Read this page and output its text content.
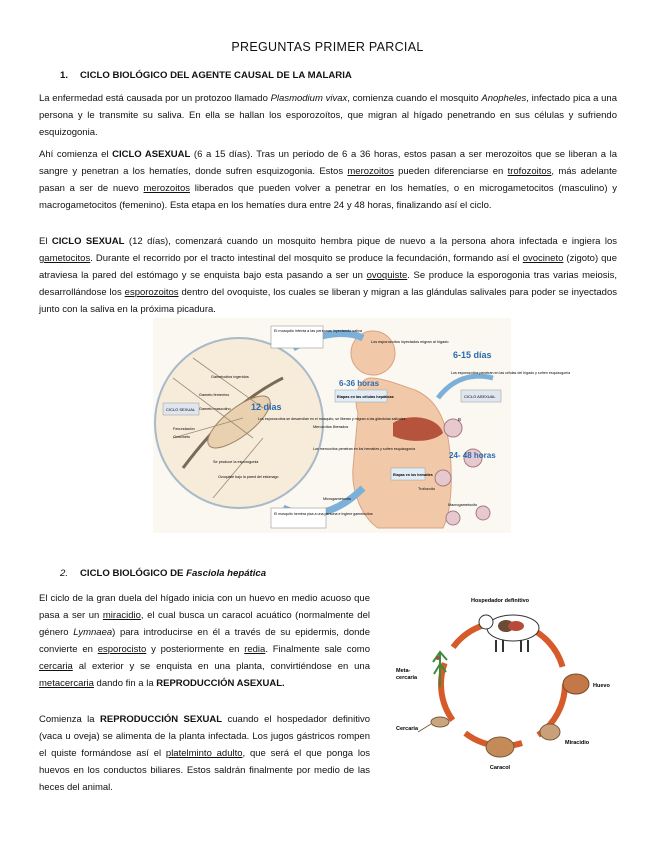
PREGUNTAS PRIMER PARCIAL
1. CICLO BIOLÓGICO DEL AGENTE CAUSAL DE LA MALARIA
La enfermedad está causada por un protozoo llamado Plasmodium vivax, comienza cuando el mosquito Anopheles, infectado pica a una persona y le transmite su saliva. En ella se hallan los esporozoítos, que migran al hígado penetrando en sus células y sufriendo esquizogonia.
Ahí comienza el CICLO ASEXUAL (6 a 15 días). Tras un periodo de 6 a 36 horas, estos pasan a ser merozoitos que se liberan a la sangre y penetran a los hematíes, donde sufren esquizogonia. Estos merozoitos pueden diferenciarse en trofozoitos, más adelante pasan a ser de nuevo merozoitos liberados que pueden volver a penetrar en los hematíes, o en microgametocitos (masculino) y macrogametocitos (femenino). Esta etapa en los hematíes dura entre 24 y 48 horas, finalizando así el ciclo.
El CICLO SEXUAL (12 días), comenzará cuando un mosquito hembra pique de nuevo a la persona ahora infectada e ingiera los gametocitos. Durante el recorrido por el tracto intestinal del mosquito se produce la fecundación, formando así el ovocineto (zigoto) que atraviesa la pared del estómago y se enquista bajo esta pasando a ser un ovoquiste. Se produce la esporogonia tras varias meiosis, desarrollándose los esporozoitos dentro del ovoquiste, los cuales se liberan y migran a las glándulas salivales para poder se inyectados junto con la saliva en la próxima picadura.
El mosquito infecta a las personas inyectando saliva
Los esporozoítos inyectados migran al hígado
6-15 días
6-36 horas
Etapas en las células hepáticas
Los esporozoítos penetran en las células del hígado y sufren esquizogonia
CICLO ASEXUAL
CICLO SEXUAL	12 días
Gametocitos ingeridos
Gameto femenino
Gameto masculino
Fecundación
Ovocineto
Los esporozoítos se desarrollan en el mosquito, se liberan y migran a las glándulas salivales
Se produce la esporogonia
Ovoquiste bajo la pared del estómago
Merozoítos liberados
Los merozoítos penetran en los hematíes y sufren esquizogonia
Etapas en los hematíes
Trofozoíto
24- 48 horas
Microgametocito
Macrogametocito
El mosquito hembra pica a una persona e ingiere gametocitos
B
2. CICLO BIOLÓGICO DE Fasciola hepática
El ciclo de la gran duela del hígado inicia con un huevo en medio acuoso que pasa a ser un miracidio, el cual busca un caracol acuático (normalmente del género Lymnaea) para introducirse en él a través de su epidermis, donde convierte en esporocisto y posteriormente en redia. Finalmente sale como cercaria al exterior y se enquista en una planta, convirtiéndose en una metacercaria dando fin a la REPRODUCCIÓN ASEXUAL.
Comienza la REPRODUCCIÓN SEXUAL cuando el hospedador definitivo (vaca u oveja) se alimenta de la planta infectada. Los jugos gástricos rompen el quiste formándose así el platelminto adulto, que será el que ponga los huevos en los conductos biliares. Estos saldrán finalmente por medio de las heces del animal.
Hospedador definitivo
Huevo
Miracidio
Caracol
Cercaria
Meta-
cercaria
